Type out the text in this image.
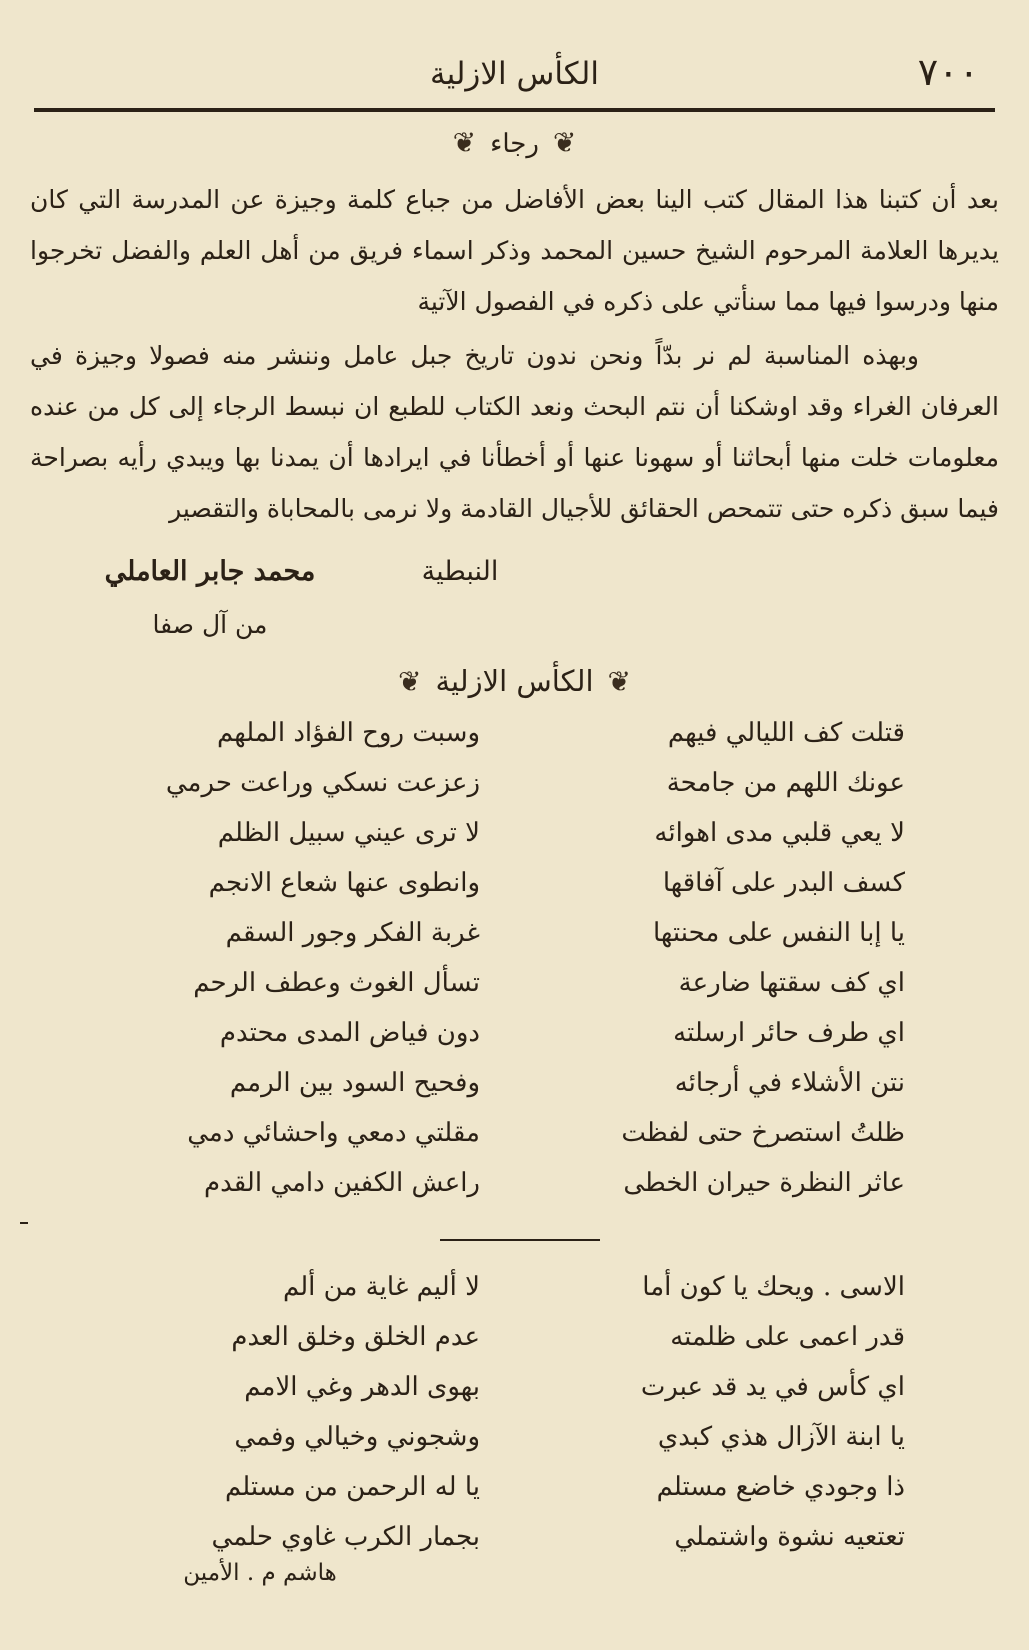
٧٠٠
الكأس الازلية
❦رجاء❦

بعد أن كتبنا هذا المقال كتب الينا بعض الأفاضل من جباع كلمة وجيزة عن المدرسة التي كان يديرها العلامة المرحوم الشيخ حسين المحمد وذكر اسماء فريق من أهل العلم والفضل تخرجوا منها ودرسوا فيها مما سنأتي على ذكره في الفصول الآتية

وبهذه المناسبة لم نر بدّاً ونحن ندون تاريخ جبل عامل وننشر منه فصولا وجيزة في العرفان الغراء وقد اوشكنا أن نتم البحث ونعد الكتاب للطبع ان نبسط الرجاء إلى كل من عنده معلومات خلت منها أبحاثنا أو سهونا عنها أو أخطأنا في ايرادها أن يمدنا بها ويبدي رأيه بصراحة فيما سبق ذكره حتى تتمحص الحقائق للأجيال القادمة ولا نرمى بالمحاباة والتقصير

النبطية
محمد جابر العاملي
من آل صفا
❦الكأس الازلية❦
قتلت كف الليالي فيهم
وسبت روح الفؤاد الملهم
عونك اللهم من جامحة
زعزعت نسكي وراعت حرمي
لا يعي قلبي مدى اهوائه
لا ترى عيني سبيل الظلم
كسف البدر على آفاقها
وانطوى عنها شعاع الانجم
يا إبا النفس على محنتها
غربة الفكر وجور السقم
اي كف سقتها ضارعة
تسأل الغوث وعطف الرحم
اي طرف حائر ارسلته
دون فياض المدى محتدم
نتن الأشلاء في أرجائه
وفحيح السود بين الرمم
ظلتُ استصرخ حتى لفظت
مقلتي دمعي واحشائي دمي
عاثر النظرة حيران الخطى
راعش الكفين دامي القدم
الاسى . ويحك يا كون أما
لا أليم غاية من ألم
قدر اعمى على ظلمته
عدم الخلق وخلق العدم
اي كأس في يد قد عبرت
بهوى الدهر وغي الامم
يا ابنة الآزال هذي كبدي
وشجوني وخيالي وفمي
ذا وجودي خاضع مستلم
يا له الرحمن من مستلم
تعتعيه نشوة واشتملي
بجمار الكرب غاوي حلمي
هاشم م . الأمين
